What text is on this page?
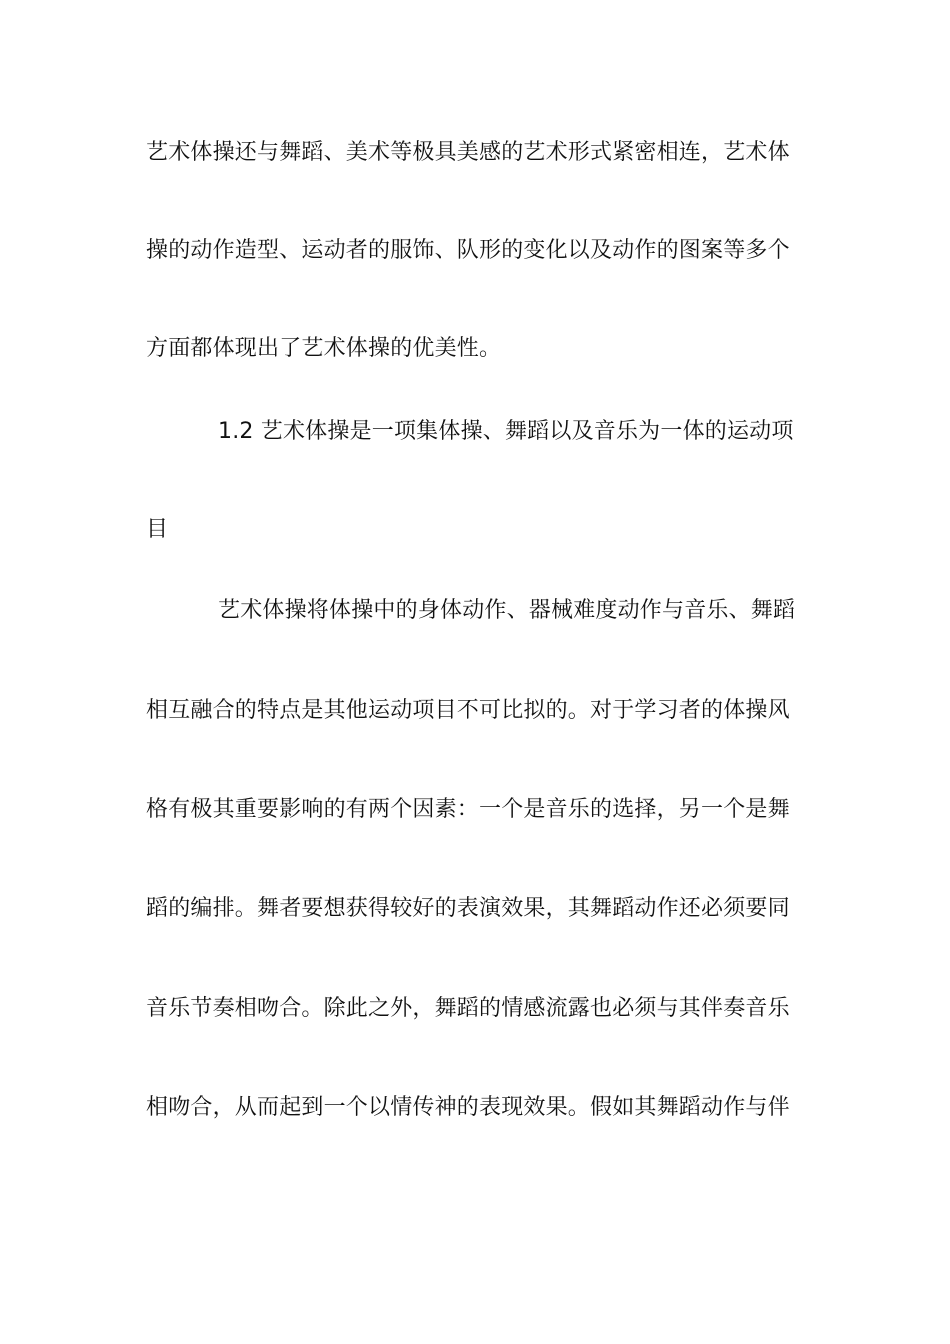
艺术体操还与舞蹈、美术等极具美感的艺术形式紧密相连，艺术体
操的动作造型、运动者的服饰、队形的变化以及动作的图案等多个
方面都体现出了艺术体操的优美性。
1.2 艺术体操是一项集体操、舞蹈以及音乐为一体的运动项
目
艺术体操将体操中的身体动作、器械难度动作与音乐、舞蹈
相互融合的特点是其他运动项目不可比拟的。对于学习者的体操风
格有极其重要影响的有两个因素：一个是音乐的选择，另一个是舞
蹈的编排。舞者要想获得较好的表演效果，其舞蹈动作还必须要同
音乐节奏相吻合。除此之外，舞蹈的情感流露也必须与其伴奏音乐
相吻合，从而起到一个以情传神的表现效果。假如其舞蹈动作与伴
